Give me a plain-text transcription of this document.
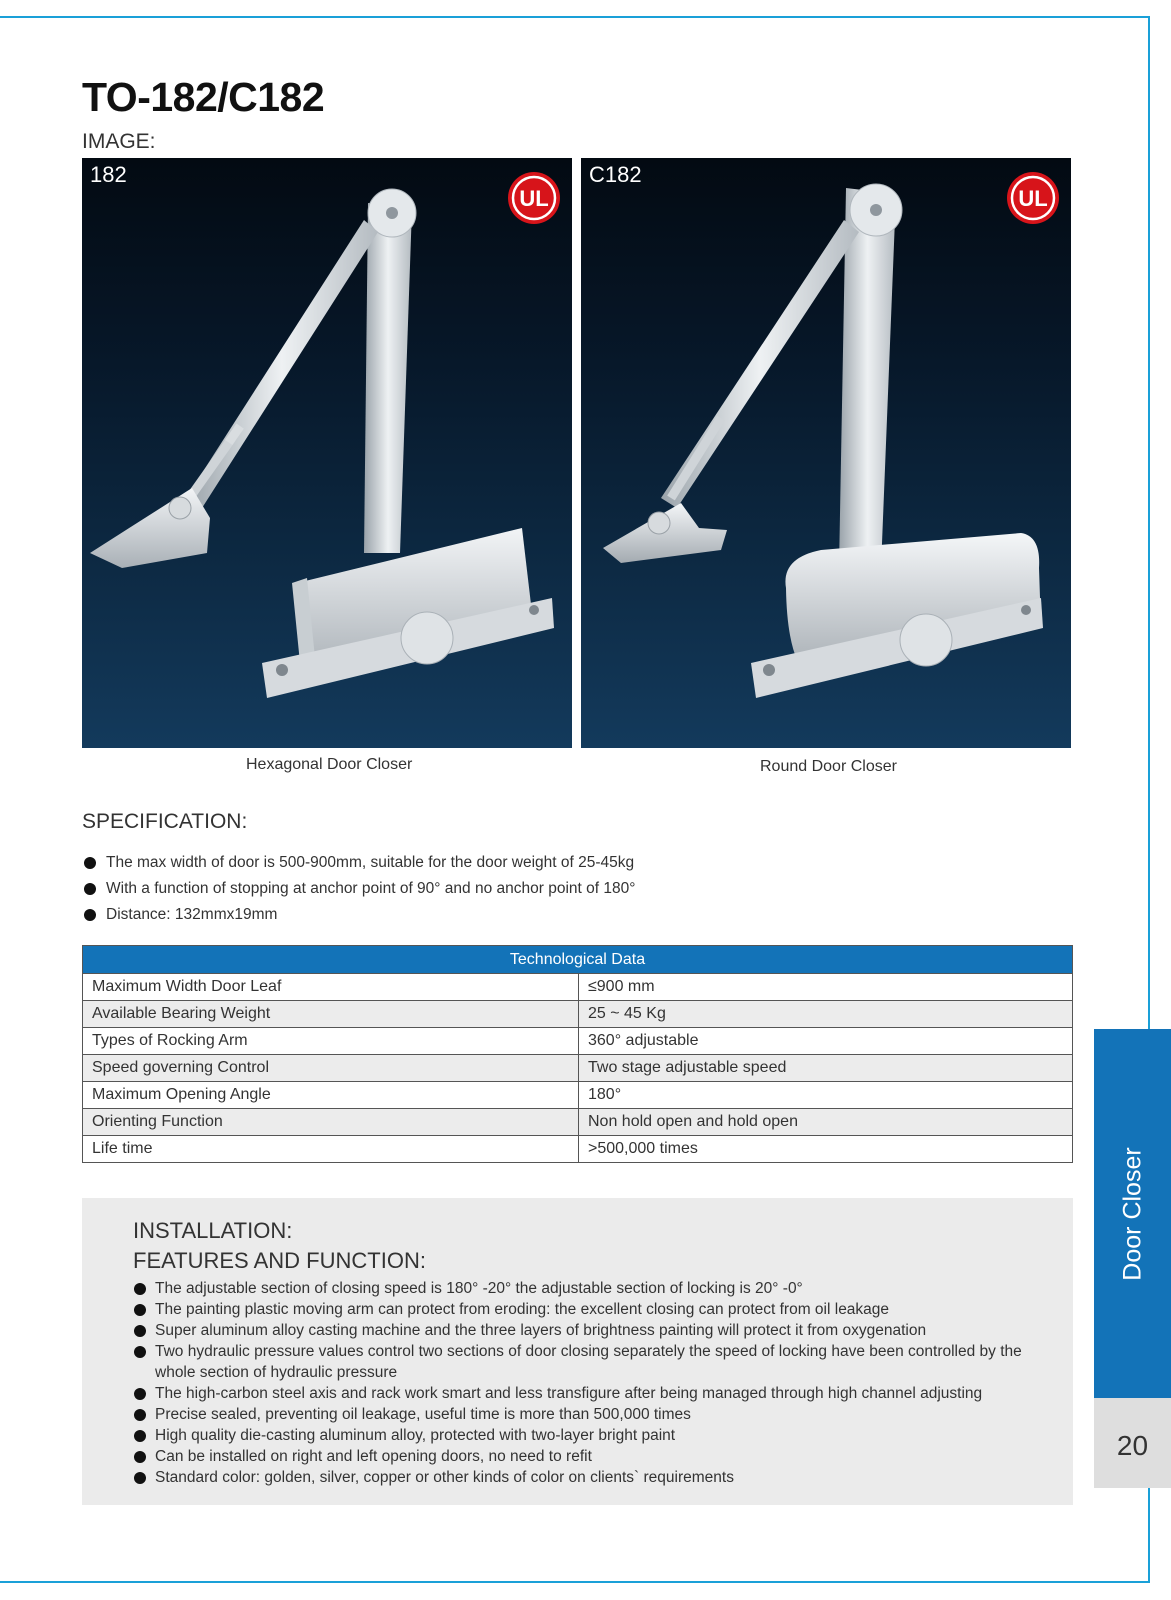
TO-182/C182
IMAGE:
182
UL
Hexagonal Door Closer
C182
UL
Round Door Closer
SPECIFICATION:
The max width of door is 500-900mm, suitable for the door weight of 25-45kg
With a function of stopping at anchor point of 90° and no anchor point of 180°
Distance: 132mmx19mm
Technological Data	
Maximum Width Door Leaf	≤900 mm
Available Bearing Weight	25 ~ 45 Kg
Types of Rocking Arm	360° adjustable
Speed governing Control	Two stage adjustable speed
Maximum Opening Angle	180°
Orienting Function	Non hold open and hold open
Life time	>500,000 times
INSTALLATION:
FEATURES AND FUNCTION:
The adjustable section of closing speed is 180° -20° the adjustable section of locking is 20° -0°
The painting plastic moving arm can protect from eroding: the excellent closing can protect from oil leakage
Super aluminum alloy casting machine and the three layers of brightness painting will protect it from oxygenation
Two hydraulic pressure values control two sections of door closing separately the speed of locking have been controlled by the whole section of hydraulic pressure
The high-carbon steel axis and rack work smart and less transfigure after being managed through high channel adjusting
Precise sealed, preventing oil leakage, useful time is more than 500,000 times
High quality die-casting aluminum alloy, protected with two-layer bright paint
Can be installed on right and left opening doors, no need to refit
Standard color: golden, silver, copper or other kinds of color on clients` requirements
Door Closer
20
